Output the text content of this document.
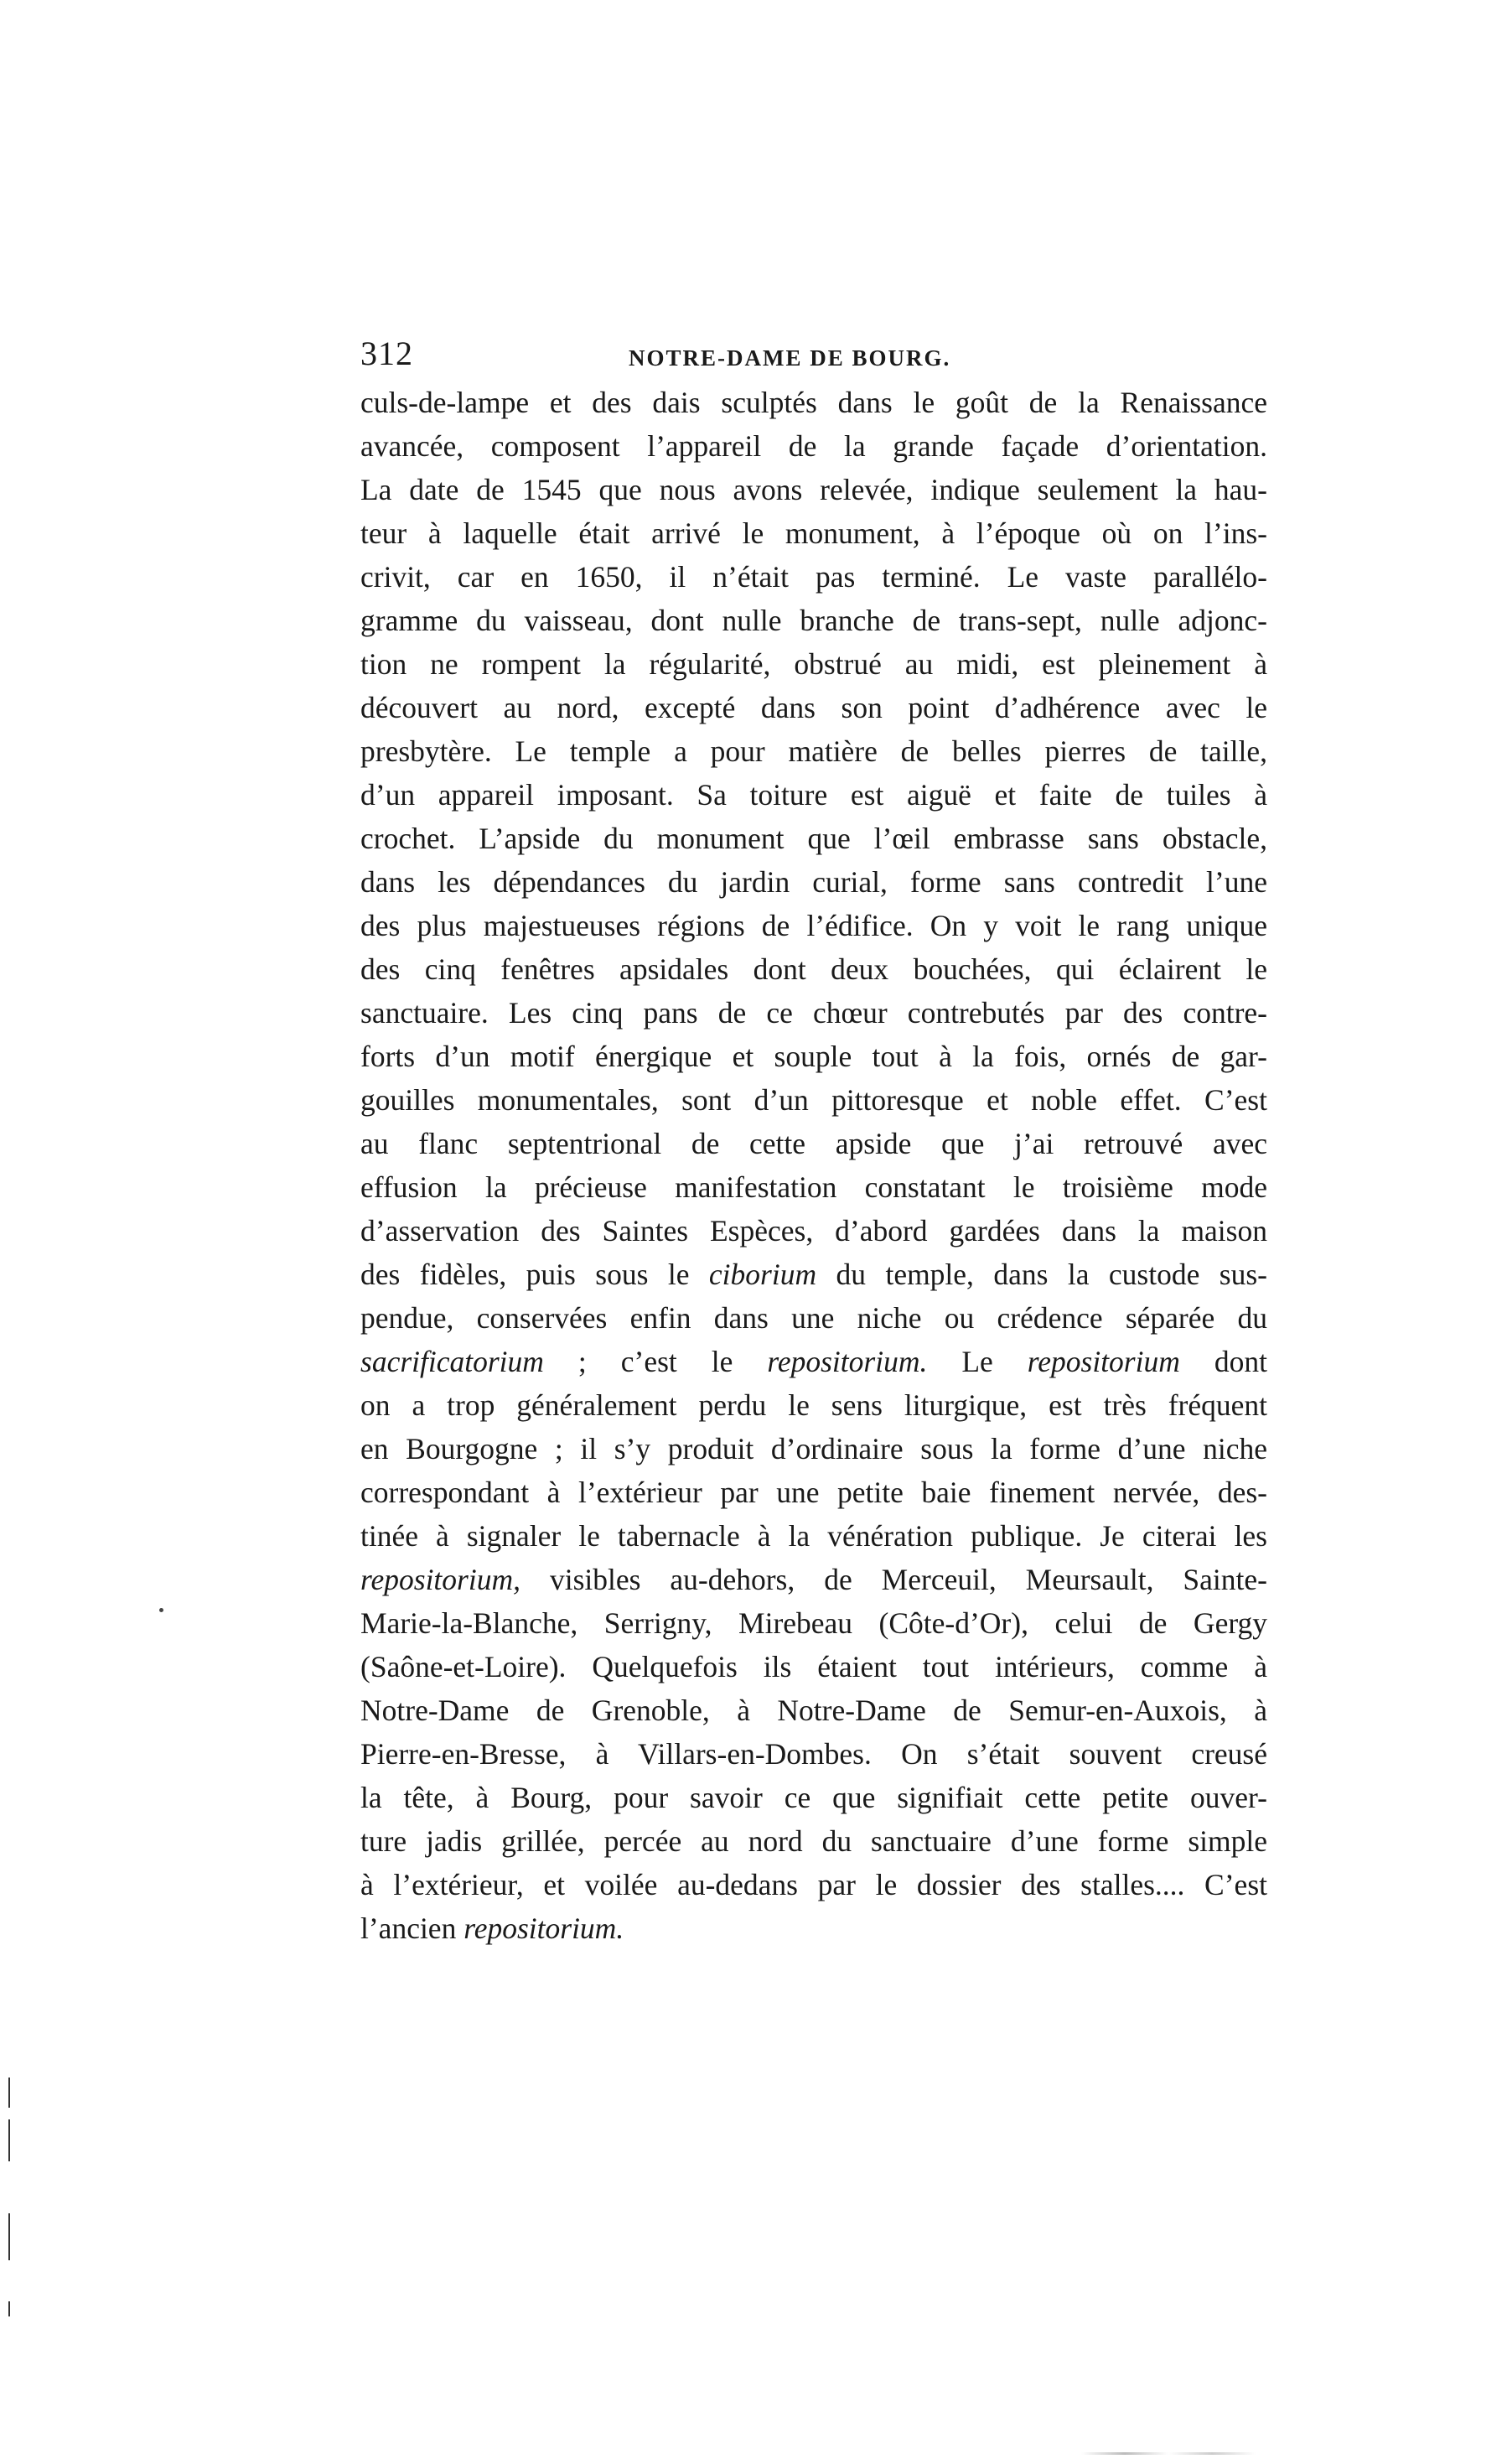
312	NOTRE-DAME DE BOURG.
culs-de-lampe et des dais sculptés dans le goût de la Renaissance
avancée, composent l’appareil de la grande façade d’orientation.
La date de 1545 que nous avons relevée, indique seulement la hau-
teur à laquelle était arrivé le monument, à l’époque où on l’ins-
crivit, car en 1650, il n’était pas terminé. Le vaste parallélo-
gramme du vaisseau, dont nulle branche de trans-sept, nulle adjonc-
tion ne rompent la régularité, obstrué au midi, est pleinement à
découvert au nord, excepté dans son point d’adhérence avec le
presbytère. Le temple a pour matière de belles pierres de taille,
d’un appareil imposant. Sa toiture est aiguë et faite de tuiles à
crochet. L’apside du monument que l’œil embrasse sans obstacle,
dans les dépendances du jardin curial, forme sans contredit l’une
des plus majestueuses régions de l’édifice. On y voit le rang unique
des cinq fenêtres apsidales dont deux bouchées, qui éclairent le
sanctuaire. Les cinq pans de ce chœur contrebutés par des contre-
forts d’un motif énergique et souple tout à la fois, ornés de gar-
gouilles monumentales, sont d’un pittoresque et noble effet. C’est
au flanc septentrional de cette apside que j’ai retrouvé avec
effusion la précieuse manifestation constatant le troisième mode
d’asservation des Saintes Espèces, d’abord gardées dans la maison
des fidèles, puis sous le ciborium du temple, dans la custode sus-
pendue, conservées enfin dans une niche ou crédence séparée du
sacrificatorium ; c’est le repositorium. Le repositorium dont
on a trop généralement perdu le sens liturgique, est très fréquent
en Bourgogne ; il s’y produit d’ordinaire sous la forme d’une niche
correspondant à l’extérieur par une petite baie finement nervée, des-
tinée à signaler le tabernacle à la vénération publique. Je citerai les
repositorium, visibles au-dehors, de Merceuil, Meursault, Sainte-
Marie-la-Blanche, Serrigny, Mirebeau (Côte-d’Or), celui de Gergy
(Saône-et-Loire). Quelquefois ils étaient tout intérieurs, comme à
Notre-Dame de Grenoble, à Notre-Dame de Semur-en-Auxois, à
Pierre-en-Bresse, à Villars-en-Dombes. On s’était souvent creusé
la tête, à Bourg, pour savoir ce que signifiait cette petite ouver-
ture jadis grillée, percée au nord du sanctuaire d’une forme simple
à l’extérieur, et voilée au-dedans par le dossier des stalles.... C’est
l’ancien repositorium.
